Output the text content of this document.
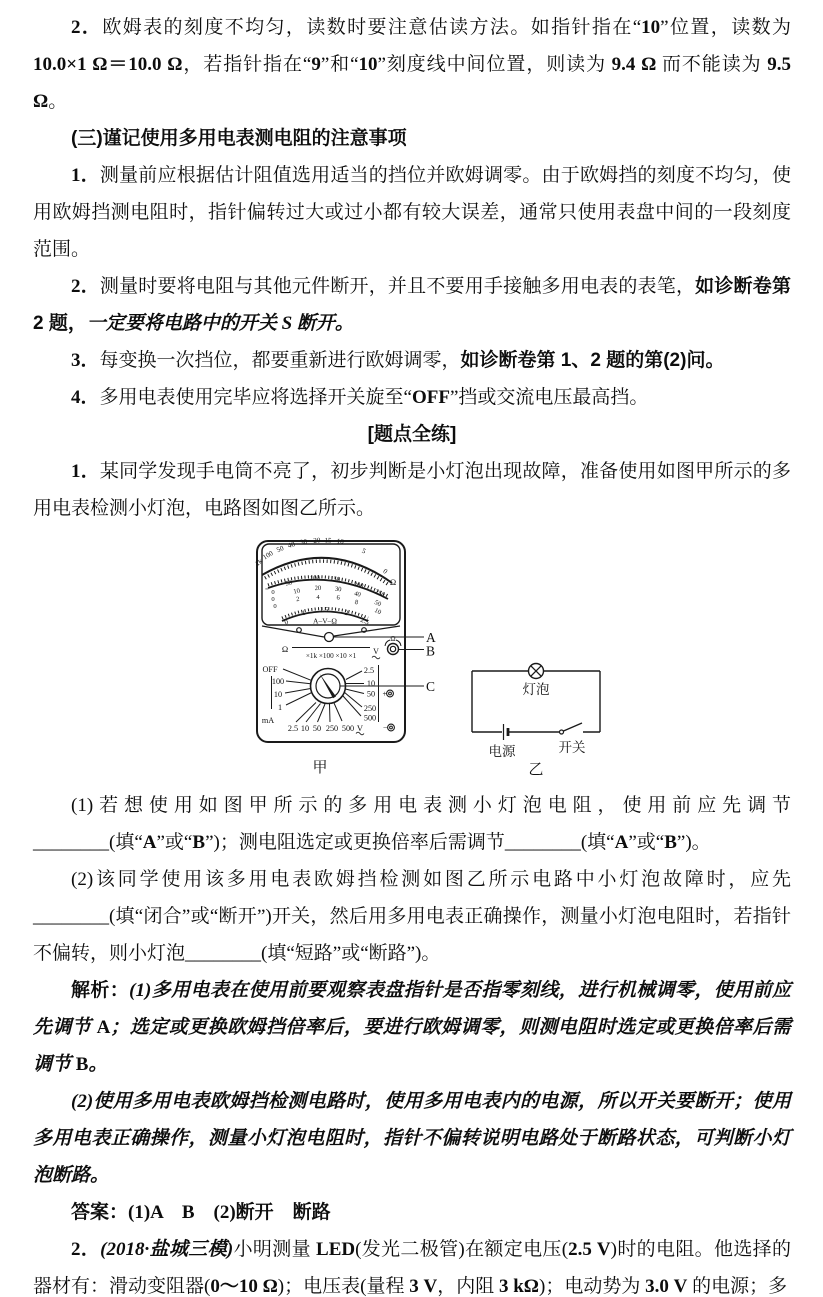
2．欧姆表的刻度不均匀，读数时要注意估读方法。如指针指在“10”位置，读数为 10.0×1 Ω＝10.0 Ω，若指针指在“9”和“10”刻度线中间位置，则读为 9.4 Ω 而不能读为 9.5 Ω。

(三)谨记使用多用电表测电阻的注意事项

1．测量前应根据估计阻值选用适当的挡位并欧姆调零。由于欧姆挡的刻度不均匀，使用欧姆挡测电阻时，指针偏转过大或过小都有较大误差，通常只使用表盘中间的一段刻度范围。

2．测量时要将电阻与其他元件断开，并且不要用手接触多用电表的表笔，如诊断卷第 2 题，一定要将电路中的开关 S 断开。

3．每变换一次挡位，都要重新进行欧姆调零，如诊断卷第 1、2 题的第(2)问。

4．多用电表使用完毕应将选择开关旋至“OFF”挡或交流电压最高挡。

[题点全练]

1．某同学发现手电筒不亮了，初步判断是小灯泡出现故障，准备使用如图甲所示的多用电表检测小灯泡，电路图如图乙所示。

1k
100 50 40 30 20 15 10
5
0
Ω
= 0
50
100 150
200
250
0
10 20 30
40
50
0
2 4	6
8
10
0
1 1.5 2
2.5
A–V–Ω
Ω
Ω
×1k ×100 ×10 ×1 V
OFF
100
10
1
mA
2.5
10
50
250
500
+
2.5 10 50 250 500 V −
A
B
C
甲
灯泡
电源	开关
乙

(1)若想使用如图甲所示的多用电表测小灯泡电阻，使用前应先调节________(填“A”或“B”)；测电阻选定或更换倍率后需调节________(填“A”或“B”)。

(2)该同学使用该多用电表欧姆挡检测如图乙所示电路中小灯泡故障时，应先________(填“闭合”或“断开”)开关，然后用多用电表正确操作，测量小灯泡电阻时，若指针不偏转，则小灯泡________(填“短路”或“断路”)。

解析：(1)多用电表在使用前要观察表盘指针是否指零刻线，进行机械调零，使用前应先调节 A；选定或更换欧姆挡倍率后，要进行欧姆调零，则测电阻时选定或更换倍率后需调节 B。

(2)使用多用电表欧姆挡检测电路时，使用多用电表内的电源，所以开关要断开；使用多用电表正确操作，测量小灯泡电阻时，指针不偏转说明电路处于断路状态，可判断小灯泡断路。

答案：(1)A　B　(2)断开　断路

2．(2018·盐城三模)小明测量 LED(发光二极管)在额定电压(2.5 V)时的电阻。他选择的器材有：滑动变阻器(0～10 Ω)；电压表(量程 3 V，内阻 3 kΩ)；电动势为 3.0 V 的电源；多
